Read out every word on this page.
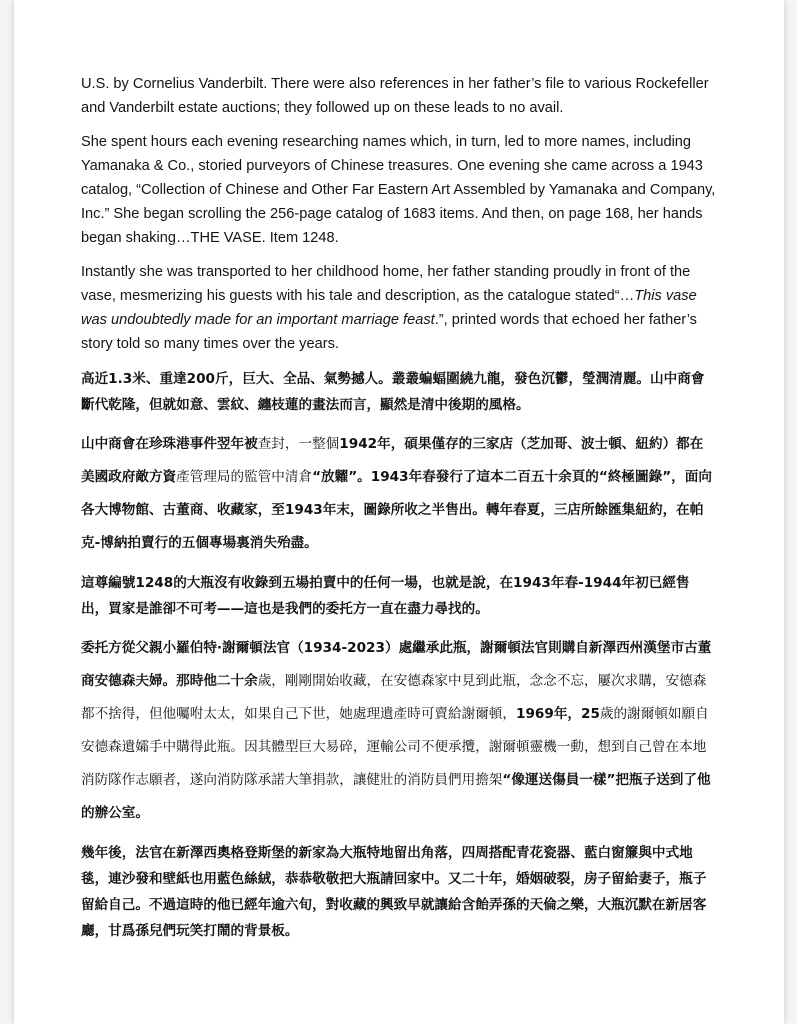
U.S. by Cornelius Vanderbilt. There were also references in her father’s file to various Rockefeller and Vanderbilt estate auctions; they followed up on these leads to no avail.

She spent hours each evening researching names which, in turn, led to more names, including Yamanaka & Co., storied purveyors of Chinese treasures. One evening she came across a 1943 catalog, “Collection of Chinese and Other Far Eastern Art Assembled by Yamanaka and Company, Inc.” She began scrolling the 256-page catalog of 1683 items. And then, on page 168, her hands began shaking…THE VASE. Item 1248.

Instantly she was transported to her childhood home, her father standing proudly in front of the vase, mesmerizing his guests with his tale and description, as the catalogue stated“…This vase was undoubtedly made for an important marriage feast.”, printed words that echoed her father’s story told so many times over the years.

高近1.3米、重達200斤，巨大、全品、氣勢撼人。叢叢蝙蝠圍繞九龍，發色沉鬱，瑩潤清麗。山中商會斷代乾隆，但就如意、雲紋、纏枝蓮的畫法而言，顯然是清中後期的風格。

山中商會在珍珠港事件翌年被查封，一整個1942年，碩果僅存的三家店（芝加哥、波士頓、紐約）都在美國政府敵方資產管理局的監管中清倉“放糶”。1943年春發行了這本二百五十余頁的“終極圖錄”，面向各大博物館、古董商、收藏家，至1943年末，圖錄所收之半售出。轉年春夏，三店所餘匯集紐約，在帕克-博納拍賣行的五個專場裏消失殆盡。

這尊編號1248的大瓶沒有收錄到五場拍賣中的任何一場，也就是說，在1943年春-1944年初已經售出，買家是誰卻不可考——這也是我們的委托方一直在盡力尋找的。

委托方從父親小羅伯特·謝爾頓法官（1934-2023）處繼承此瓶，謝爾頓法官則購自新澤西州漢堡市古董商安德森夫婦。那時他二十余歲，剛剛開始收藏，在安德森家中見到此瓶，念念不忘，屢次求購，安德森都不捨得，但他囑咐太太，如果自己下世，她處理遺產時可賣給謝爾頓，1969年，25歲的謝爾頓如願自安德森遺孀手中購得此瓶。因其體型巨大易碎，運輸公司不便承攬，謝爾頓靈機一動，想到自己曾在本地消防隊作志願者，遂向消防隊承諾大筆捐款，讓健壯的消防員們用擔架“像運送傷員一樣”把瓶子送到了他的辦公室。

幾年後，法官在新澤西奧格登斯堡的新家為大瓶特地留出角落，四周搭配青花瓷器、藍白窗簾與中式地毯，連沙發和壁紙也用藍色絲絨，恭恭敬敬把大瓶請回家中。又二十年，婚姻破裂，房子留給妻子，瓶子留給自己。不過這時的他已經年逾六旬，對收藏的興致早就讓給含飴弄孫的天倫之樂，大瓶沉默在新居客廳，甘爲孫兒們玩笑打鬧的背景板。
